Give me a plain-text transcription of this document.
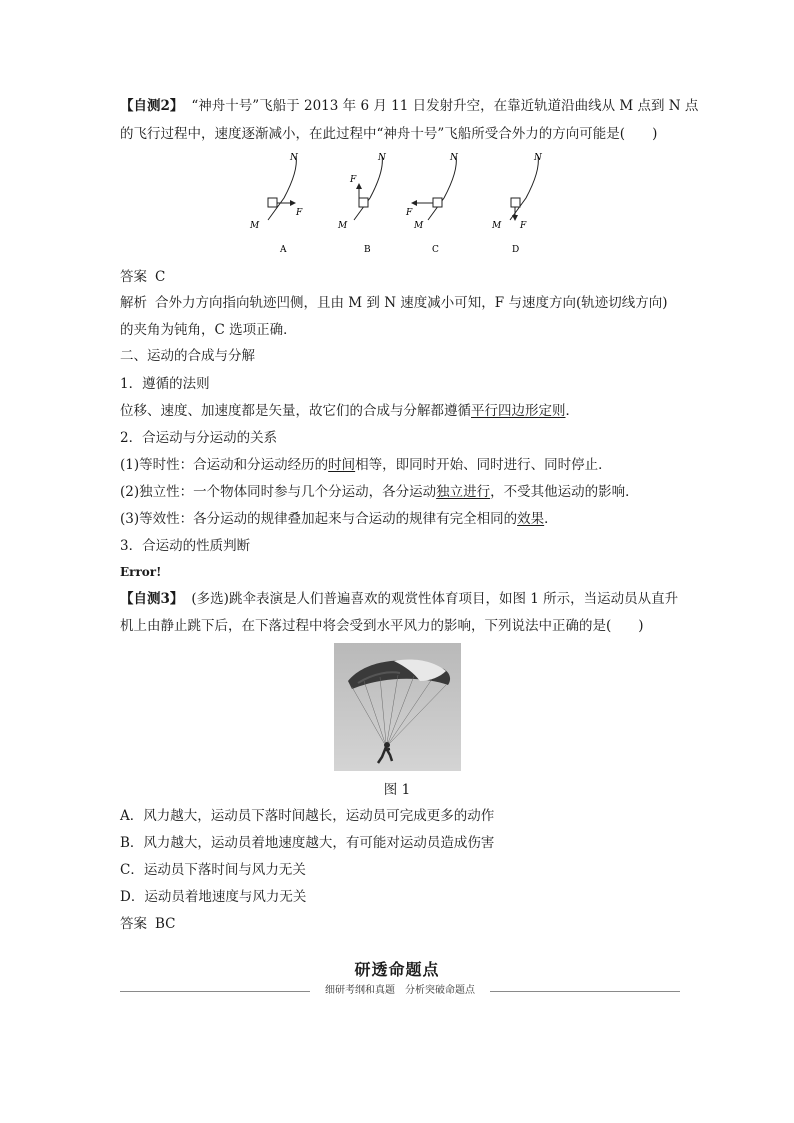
【自测2】 “神舟十号”飞船于 2013 年 6 月 11 日发射升空，在靠近轨道沿曲线从 M 点到 N 点
的飞行过程中，速度逐渐减小，在此过程中“神舟十号”飞船所受合外力的方向可能是(　　)
N
M
F
A
N
M
F
B
N
M
F
C
N
M F
D
答案 C
解析 合外力方向指向轨迹凹侧，且由 M 到 N 速度减小可知，F 与速度方向(轨迹切线方向)
的夹角为钝角，C 选项正确．
二、运动的合成与分解
1．遵循的法则
位移、速度、加速度都是矢量，故它们的合成与分解都遵循平行四边形定则．
2．合运动与分运动的关系
(1)等时性：合运动和分运动经历的时间相等，即同时开始、同时进行、同时停止．
(2)独立性：一个物体同时参与几个分运动，各分运动独立进行，不受其他运动的影响．
(3)等效性：各分运动的规律叠加起来与合运动的规律有完全相同的效果．
3．合运动的性质判断
Error!
【自测3】 (多选)跳伞表演是人们普遍喜欢的观赏性体育项目，如图 1 所示，当运动员从直升
机上由静止跳下后，在下落过程中将会受到水平风力的影响，下列说法中正确的是(　　)
图 1
A．风力越大，运动员下落时间越长，运动员可完成更多的动作
B．风力越大，运动员着地速度越大，有可能对运动员造成伤害
C．运动员下落时间与风力无关
D．运动员着地速度与风力无关
答案 BC
研透命题点
细研考纲和真题　分析突破命题点
